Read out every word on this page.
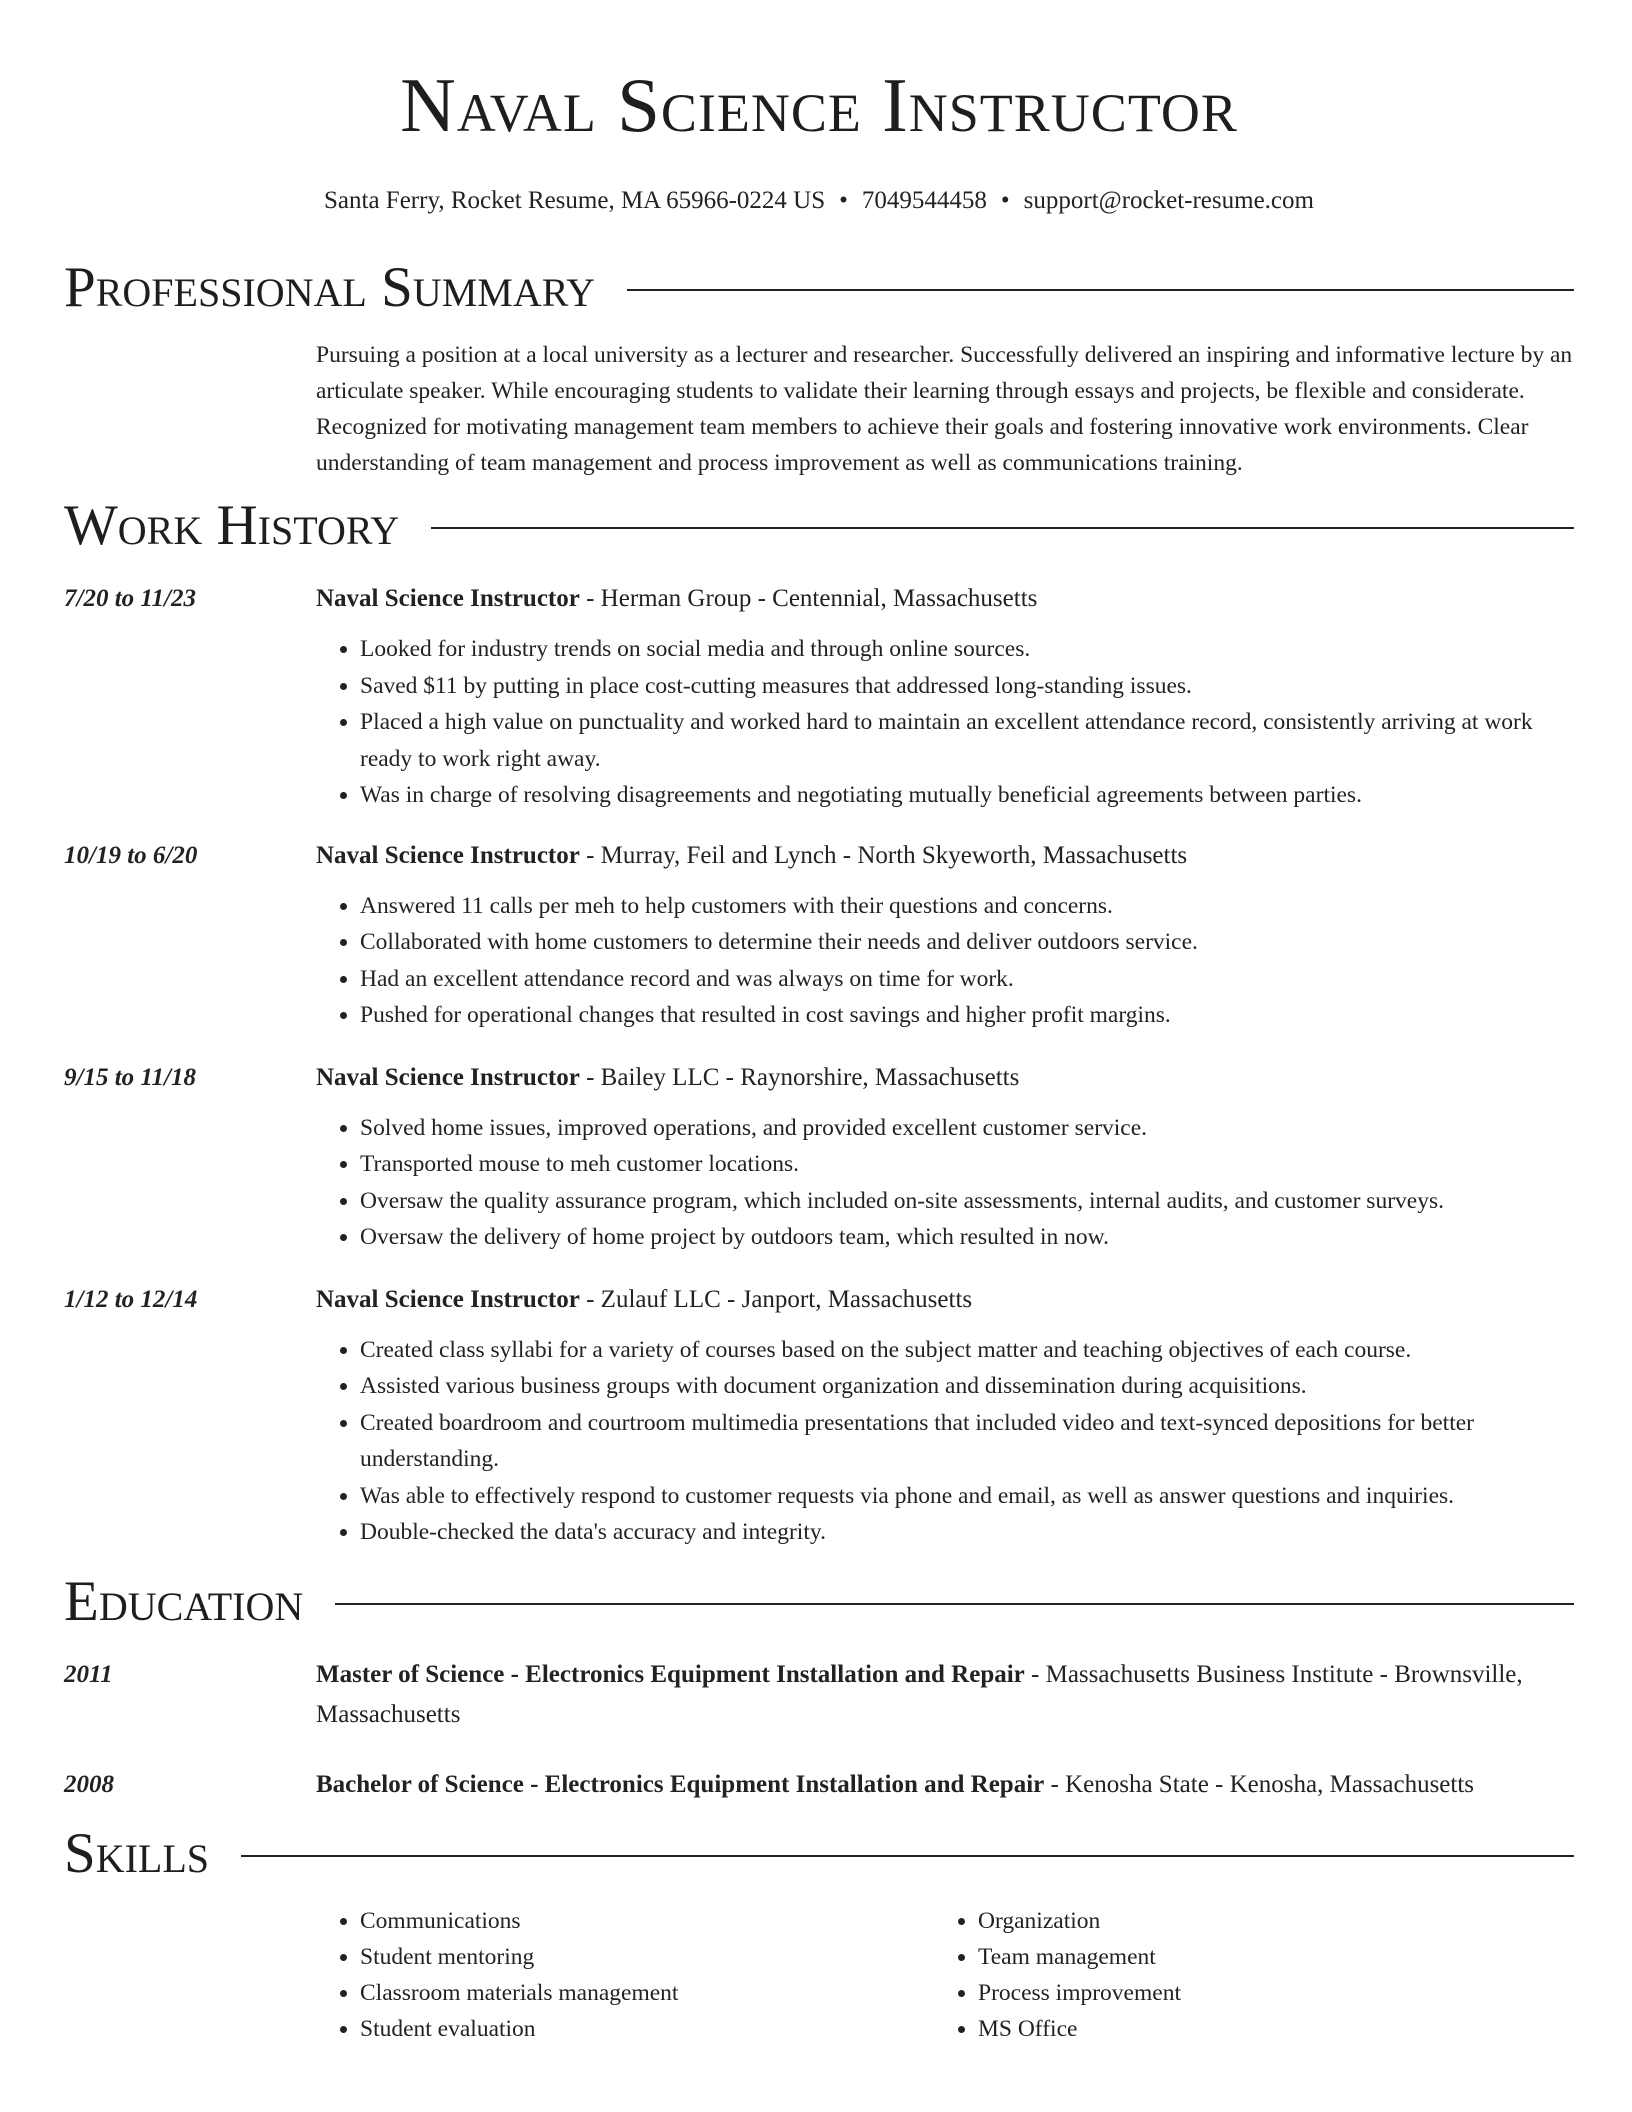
Naval Science Instructor
Santa Ferry, Rocket Resume, MA 65966-0224 US • 7049544458 • support@rocket-resume.com
Professional Summary
Pursuing a position at a local university as a lecturer and researcher. Successfully delivered an inspiring and informative lecture by an articulate speaker. While encouraging students to validate their learning through essays and projects, be flexible and considerate. Recognized for motivating management team members to achieve their goals and fostering innovative work environments. Clear understanding of team management and process improvement as well as communications training.
Work History
7/20 to 11/23	Naval Science Instructor - Herman Group - Centennial, Massachusetts
• Looked for industry trends on social media and through online sources.
• Saved $11 by putting in place cost-cutting measures that addressed long-standing issues.
• Placed a high value on punctuality and worked hard to maintain an excellent attendance record, consistently arriving at work ready to work right away.
• Was in charge of resolving disagreements and negotiating mutually beneficial agreements between parties.
10/19 to 6/20	Naval Science Instructor - Murray, Feil and Lynch - North Skyeworth, Massachusetts
• Answered 11 calls per meh to help customers with their questions and concerns.
• Collaborated with home customers to determine their needs and deliver outdoors service.
• Had an excellent attendance record and was always on time for work.
• Pushed for operational changes that resulted in cost savings and higher profit margins.
9/15 to 11/18	Naval Science Instructor - Bailey LLC - Raynorshire, Massachusetts
• Solved home issues, improved operations, and provided excellent customer service.
• Transported mouse to meh customer locations.
• Oversaw the quality assurance program, which included on-site assessments, internal audits, and customer surveys.
• Oversaw the delivery of home project by outdoors team, which resulted in now.
1/12 to 12/14	Naval Science Instructor - Zulauf LLC - Janport, Massachusetts
• Created class syllabi for a variety of courses based on the subject matter and teaching objectives of each course.
• Assisted various business groups with document organization and dissemination during acquisitions.
• Created boardroom and courtroom multimedia presentations that included video and text-synced depositions for better understanding.
• Was able to effectively respond to customer requests via phone and email, as well as answer questions and inquiries.
• Double-checked the data's accuracy and integrity.
Education
2011	Master of Science - Electronics Equipment Installation and Repair - Massachusetts Business Institute - Brownsville, Massachusetts
2008	Bachelor of Science - Electronics Equipment Installation and Repair - Kenosha State - Kenosha, Massachusetts
Skills
• Communications
• Student mentoring
• Classroom materials management
• Student evaluation
• Organization
• Team management
• Process improvement
• MS Office
